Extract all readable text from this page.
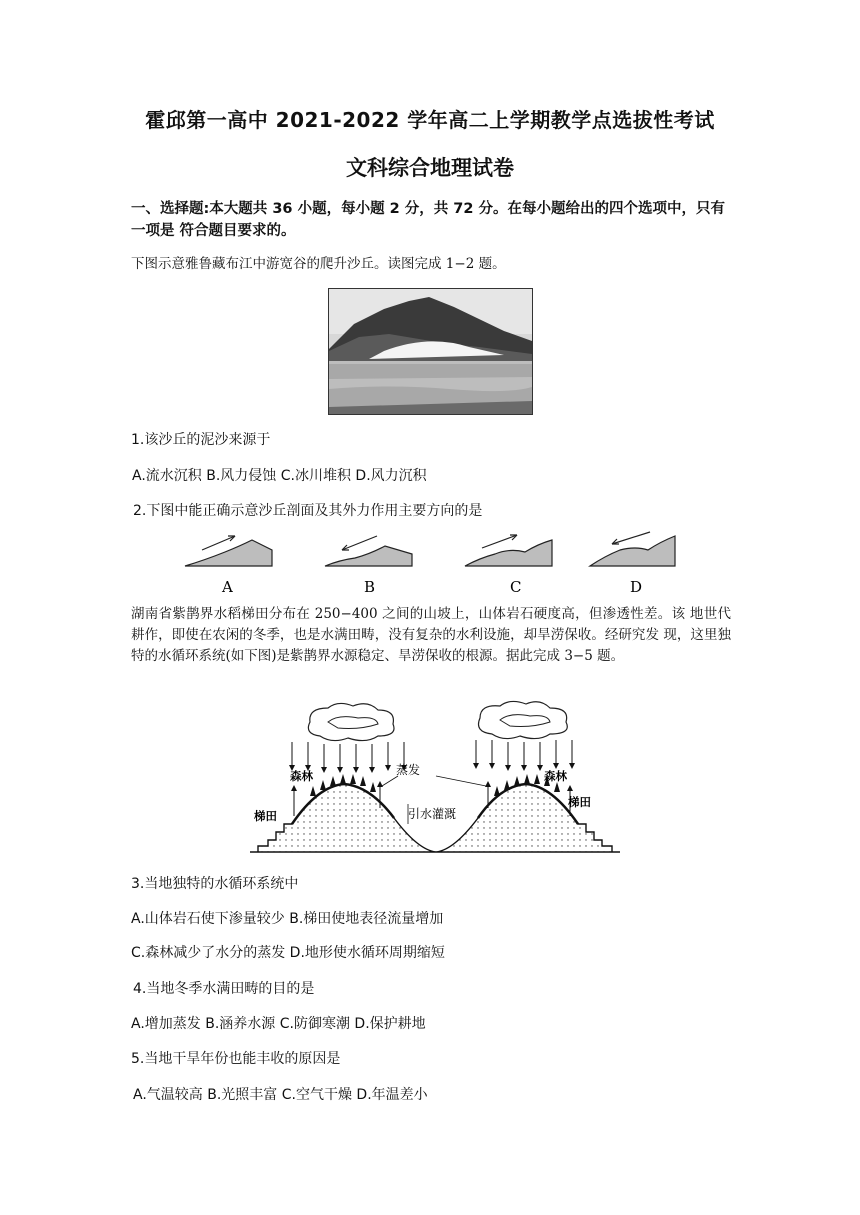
霍邱第一高中 2021-2022 学年高二上学期教学点选拔性考试
文科综合地理试卷
一、选择题:本大题共 36 小题，每小题 2 分，共 72 分。在每小题给出的四个选项中，只有一项是 符合题目要求的。
下图示意雅鲁藏布江中游宽谷的爬升沙丘。读图完成 1−2 题。
1.该沙丘的泥沙来源于
A.流水沉积 B.风力侵蚀 C.冰川堆积 D.风力沉积
2.下图中能正确示意沙丘剖面及其外力作用主要方向的是
A	B	C	D
湖南省紫鹊界水稻梯田分布在 250−400 之间的山坡上，山体岩石硬度高，但渗透性差。该 地世代耕作，即使在农闲的冬季，也是水满田畴，没有复杂的水利设施，却旱涝保收。经研究发 现，这里独特的水循环系统(如下图)是紫鹊界水源稳定、旱涝保收的根源。据此完成 3−5 题。
蒸发
引水灌溉
森林	森林
梯田
梯田
3.当地独特的水循环系统中
A.山体岩石使下渗量较少 B.梯田使地表径流量增加
C.森林减少了水分的蒸发 D.地形使水循环周期缩短
4.当地冬季水满田畴的目的是
A.增加蒸发 B.涵养水源 C.防御寒潮 D.保护耕地
5.当地干旱年份也能丰收的原因是
A.气温较高 B.光照丰富 C.空气干燥 D.年温差小
